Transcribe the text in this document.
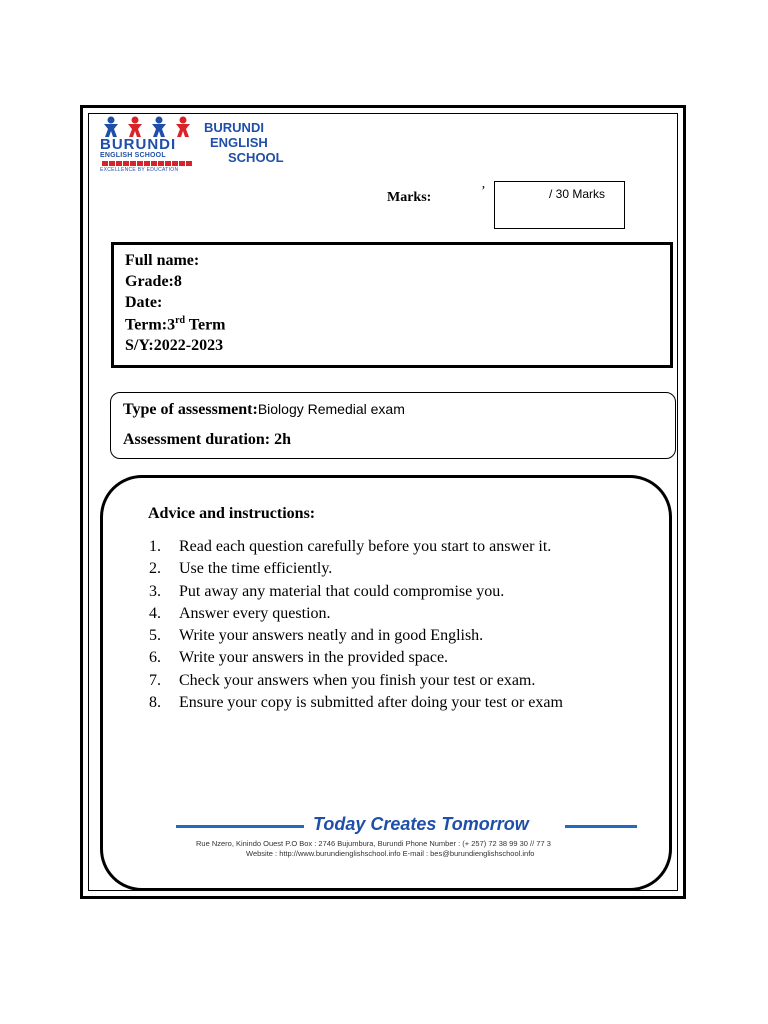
BURUNDI
ENGLISH SCHOOL
EXCELLENCE BY EDUCATION
BURUNDI
ENGLISH
SCHOOL
Marks:	’	/ 30 Marks
Full name:
Grade:8
Date:
Term:3rd Term
S/Y:2022-2023
Type of assessment:Biology Remedial exam
Assessment duration: 2h
Advice and instructions:
1. Read each question carefully before you start to answer it.
2. Use the time efficiently.
3. Put away any material that could compromise you.
4. Answer every question.
5. Write your answers neatly and in good English.
6. Write your answers in the provided space.
7. Check your answers when you finish your test or exam.
8. Ensure your copy is submitted after doing your test or exam
Today Creates Tomorrow
Rue Nzero, Kinindo Ouest P.O Box : 2746 Bujumbura, Burundi Phone Number : (+ 257) 72 38 99 30 // 77 3
Website : http://www.burundienglishschool.info E-mail : bes@burundienglishschool.info
